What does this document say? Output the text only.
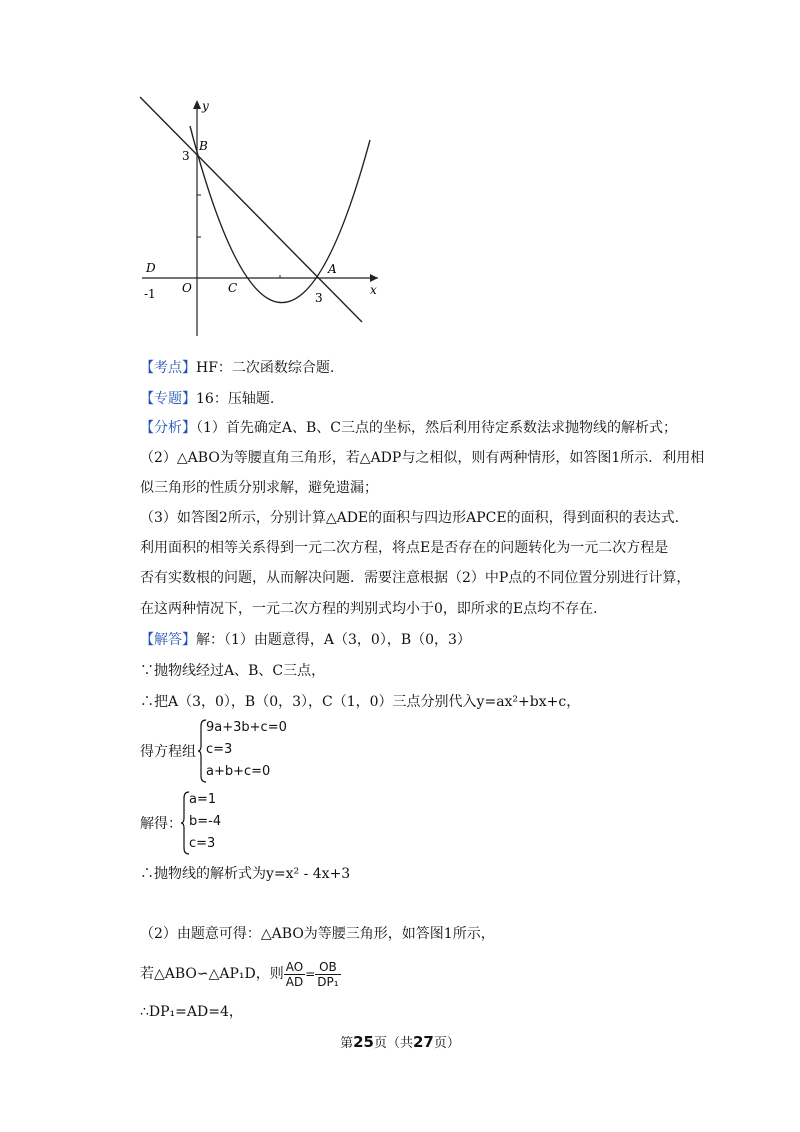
y
x
B
3
D
-1 O	C
A
3
【考点】HF：二次函数综合题.
【专题】16：压轴题.
【分析】（1）首先确定A、B、C三点的坐标，然后利用待定系数法求抛物线的解析式；
（2）△ABO为等腰直角三角形，若△ADP与之相似，则有两种情形，如答图1所示．利用相
似三角形的性质分别求解，避免遗漏；
（3）如答图2所示，分别计算△ADE的面积与四边形APCE的面积，得到面积的表达式．
利用面积的相等关系得到一元二次方程，将点E是否存在的问题转化为一元二次方程是
否有实数根的问题，从而解决问题．需要注意根据（2）中P点的不同位置分别进行计算，
在这两种情况下，一元二次方程的判别式均小于0，即所求的E点均不存在．
【解答】解：（1）由题意得，A（3，0），B（0，3）
∵抛物线经过A、B、C三点，
∴把A（3，0），B（0，3），C（1，0）三点分别代入y=ax²+bx+c，
得方程组
9a+3b+c=0
c=3
a+b+c=0
解得：
a=1
b=-4
c=3
∴抛物线的解析式为y=x² - 4x+3
（2）由题意可得：△ABO为等腰三角形，如答图1所示，
若△ABO∽△AP₁D，则 $\frac{AO}{AD} = \frac{OB}{\text{DP₁}}$
∴DP₁=AD=4，
第25页（共27页）
